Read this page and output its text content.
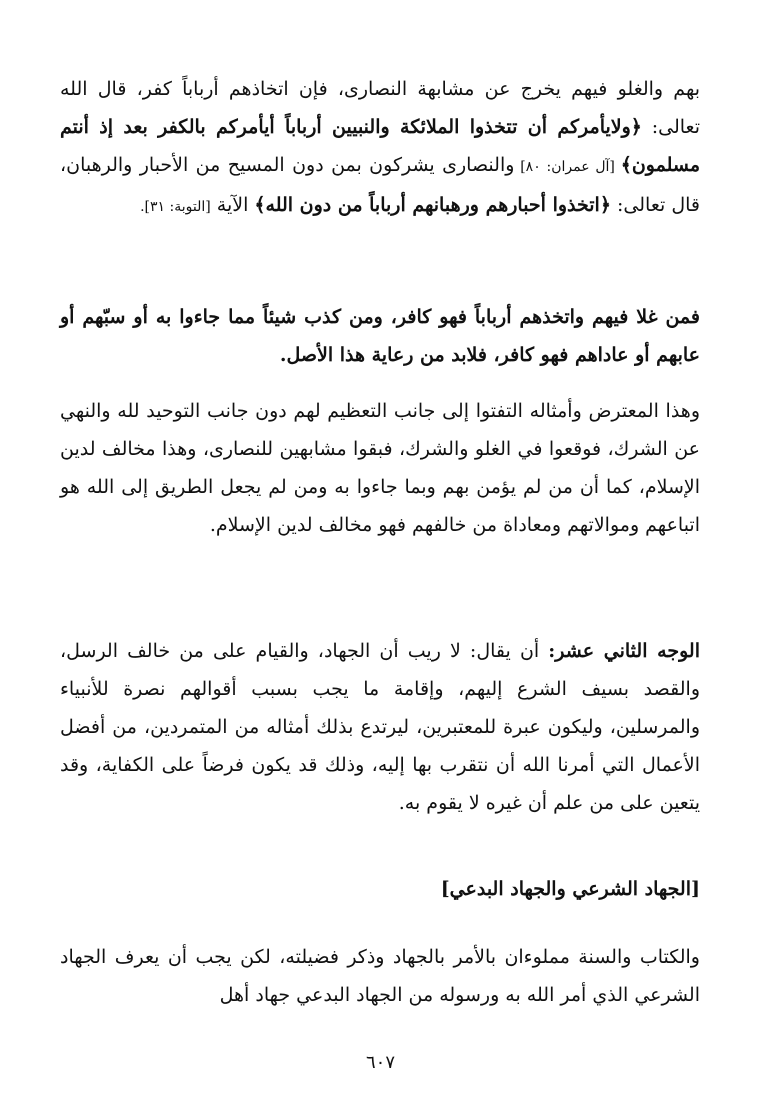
بهم والغلو فيهم يخرج عن مشابهة النصارى، فإن اتخاذهم أرباباً كفر، قال الله تعالى: ﴿ولايأمركم أن تتخذوا الملائكة والنبيين أرباباً أيأمركم بالكفر بعد إذ أنتم مسلمون﴾ [آل عمران: ٨٠] والنصارى يشركون بمن دون المسيح من الأحبار والرهبان، قال تعالى: ﴿اتخذوا أحبارهم ورهبانهم أرباباً من دون الله﴾ الآية [التوبة: ٣١].

فمن غلا فيهم واتخذهم أرباباً فهو كافر، ومن كذب شيئاً مما جاءوا به أو سبّهم أو عابهم أو عاداهم فهو كافر، فلابد من رعاية هذا الأصل.

وهذا المعترض وأمثاله التفتوا إلى جانب التعظيم لهم دون جانب التوحيد لله والنهي عن الشرك، فوقعوا في الغلو والشرك، فبقوا مشابهين للنصارى، وهذا مخالف لدين الإسلام، كما أن من لم يؤمن بهم وبما جاءوا به ومن لم يجعل الطريق إلى الله هو اتباعهم وموالاتهم ومعاداة من خالفهم فهو مخالف لدين الإسلام.

الوجه الثاني عشر: أن يقال: لا ريب أن الجهاد، والقيام على من خالف الرسل، والقصد بسيف الشرع إليهم، وإقامة ما يجب بسبب أقوالهم نصرة للأنبياء والمرسلين، وليكون عبرة للمعتبرين، ليرتدع بذلك أمثاله من المتمردين، من أفضل الأعمال التي أمرنا الله أن نتقرب بها إليه، وذلك قد يكون فرضاً على الكفاية، وقد يتعين على من علم أن غيره لا يقوم به.

[الجهاد الشرعي والجهاد البدعي]

والكتاب والسنة مملوءان بالأمر بالجهاد وذكر فضيلته، لكن يجب أن يعرف الجهاد الشرعي الذي أمر الله به ورسوله من الجهاد البدعي جهاد أهل

٦٠٧
